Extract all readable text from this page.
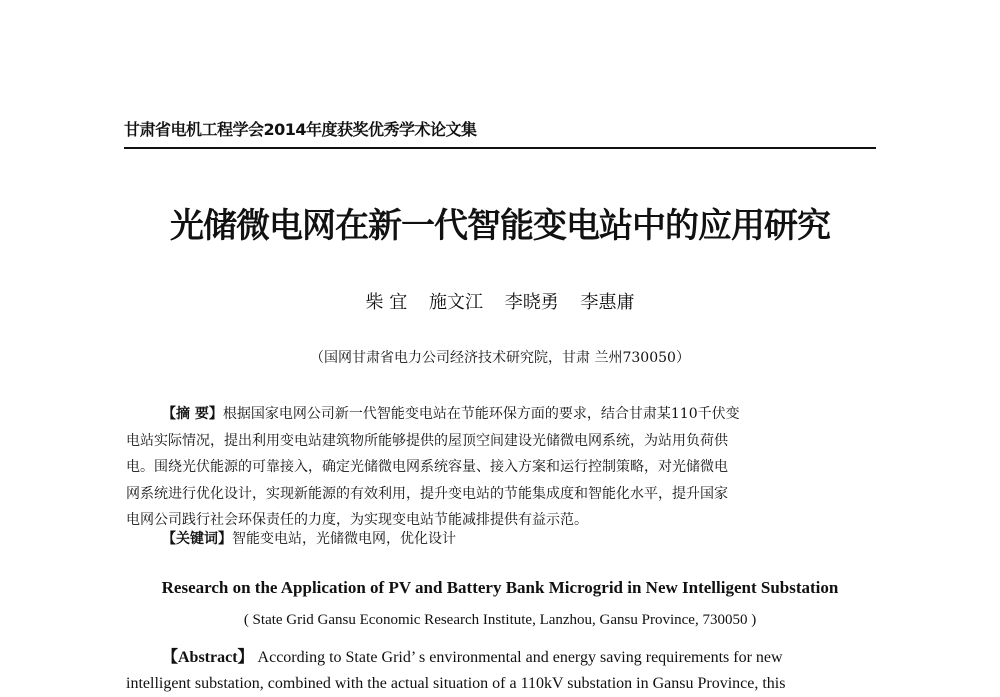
甘肃省电机工程学会2014年度获奖优秀学术论文集
光储微电网在新一代智能变电站中的应用研究
柴 宜 施文江 李晓勇 李惠庸
（国网甘肃省电力公司经济技术研究院，甘肃 兰州730050）
【摘 要】根据国家电网公司新一代智能变电站在节能环保方面的要求，结合甘肃某110千伏变
电站实际情况，提出利用变电站建筑物所能够提供的屋顶空间建设光储微电网系统，为站用负荷供
电。围绕光伏能源的可靠接入，确定光储微电网系统容量、接入方案和运行控制策略，对光储微电
网系统进行优化设计，实现新能源的有效利用，提升变电站的节能集成度和智能化水平，提升国家
电网公司践行社会环保责任的力度，为实现变电站节能减排提供有益示范。
【关键词】智能变电站，光储微电网，优化设计
Research on the Application of PV and Battery Bank Microgrid in New Intelligent Substation
( State Grid Gansu Economic Research Institute, Lanzhou, Gansu Province, 730050 )
【Abstract】 According to State Grid’ s environmental and energy saving requirements for new
intelligent substation, combined with the actual situation of a 110kV substation in Gansu Province, this
